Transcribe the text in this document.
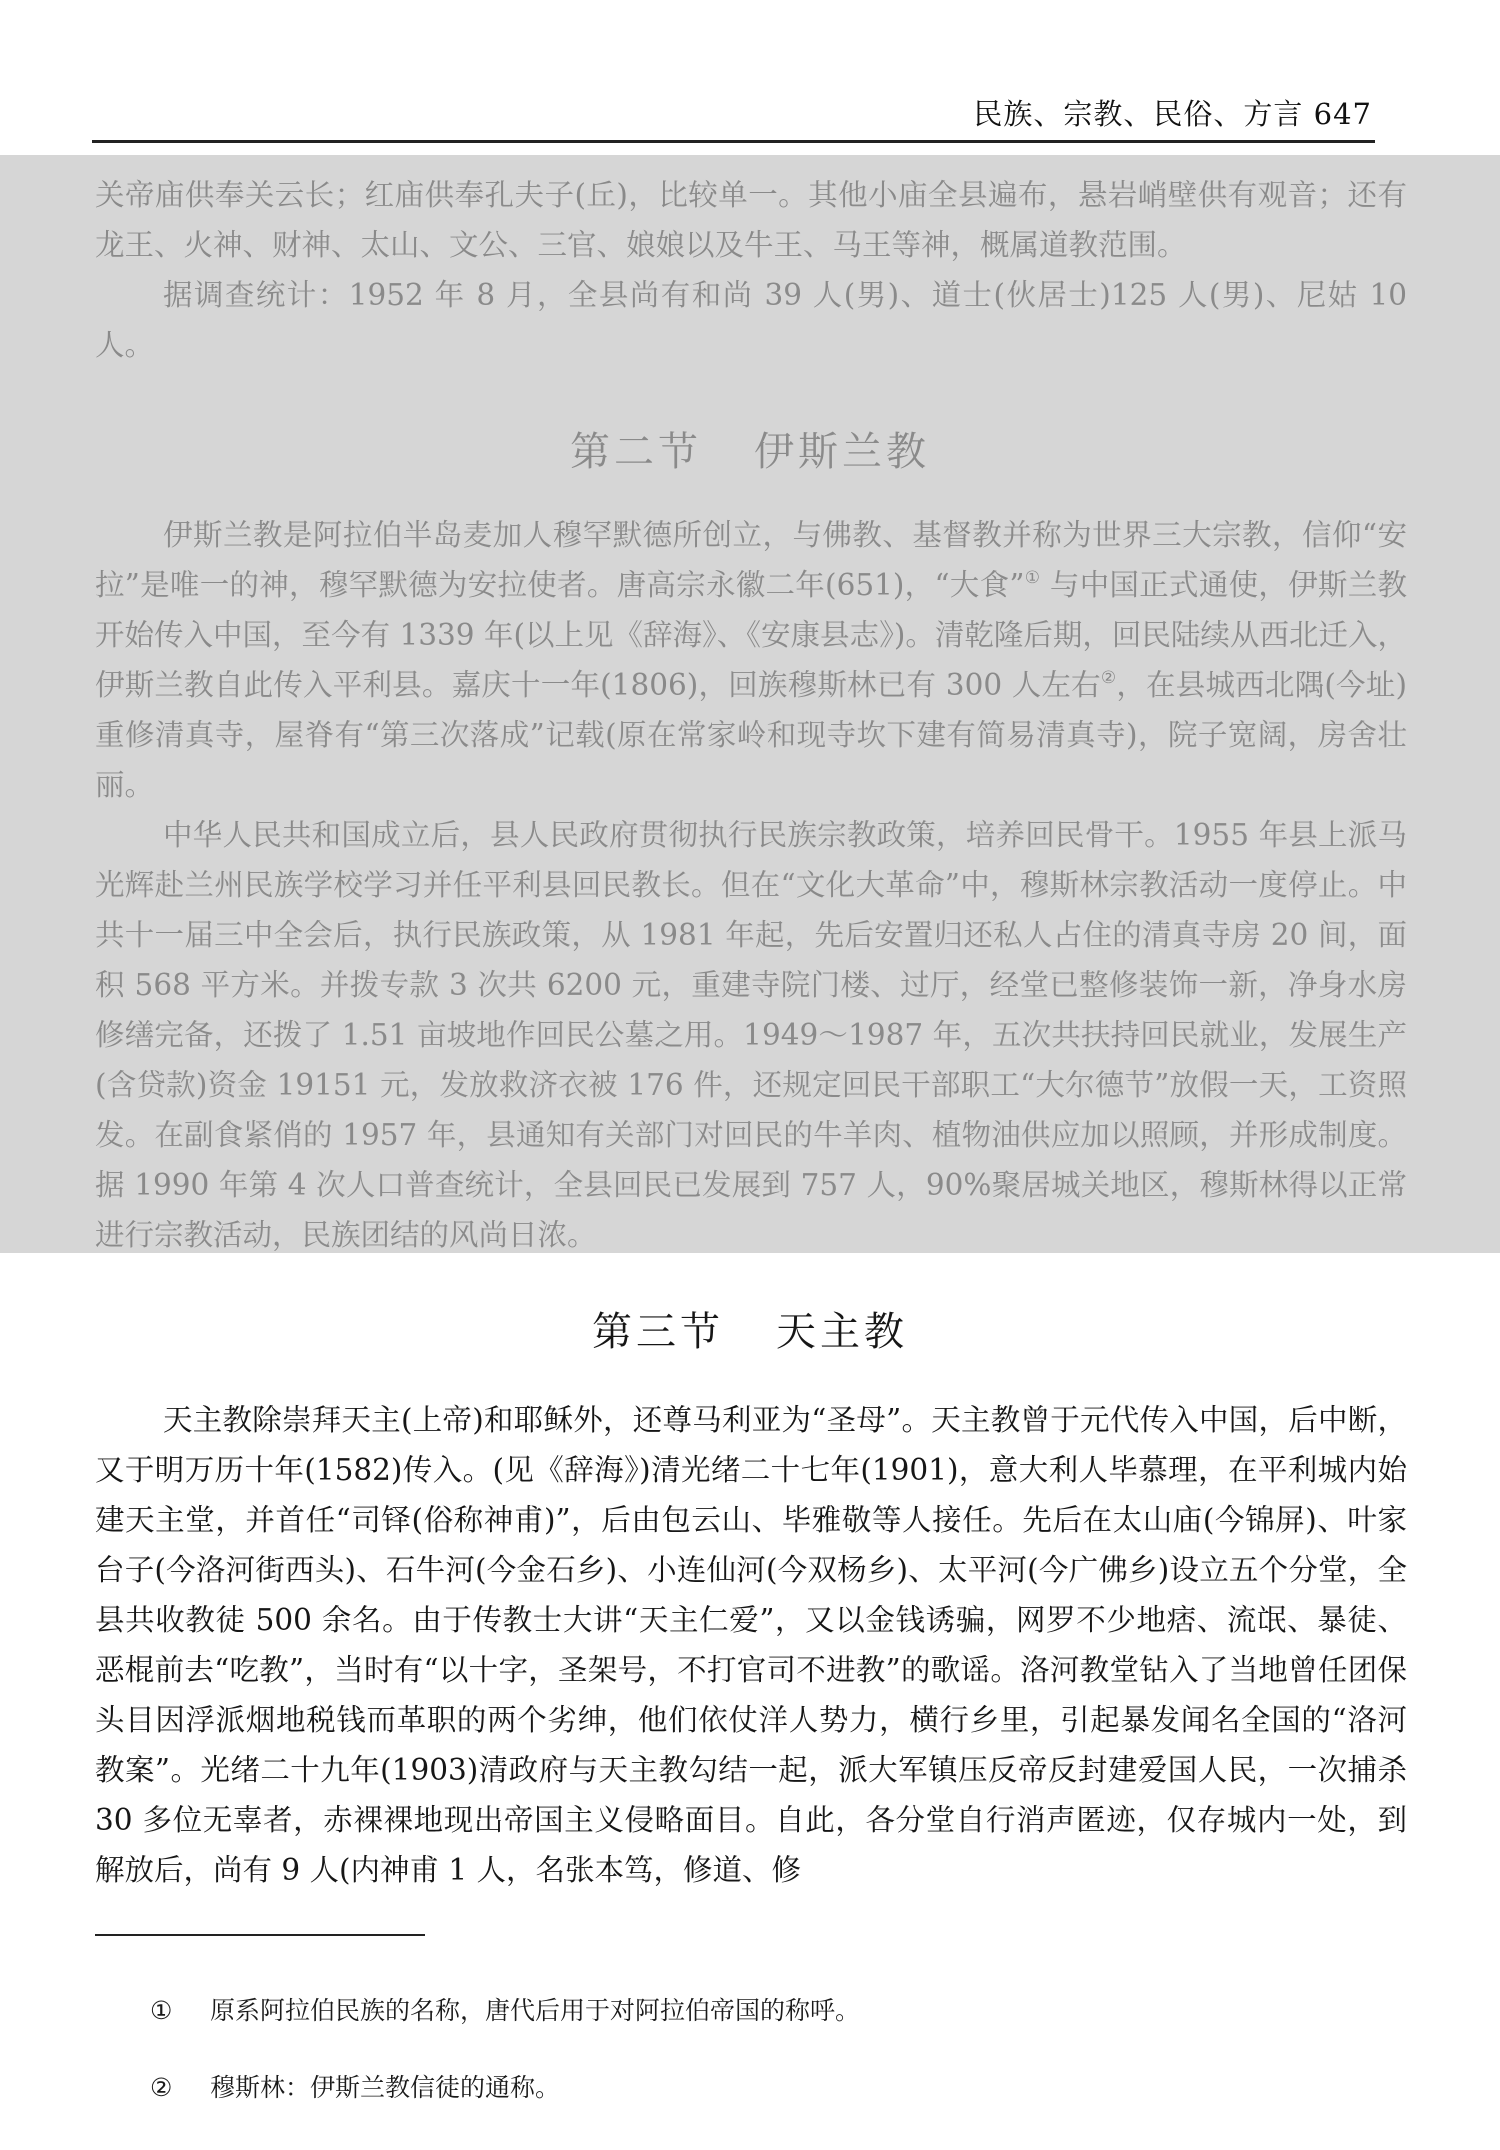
民族、宗教、民俗、方言 647

关帝庙供奉关云长；红庙供奉孔夫子(丘)，比较单一。其他小庙全县遍布，悬岩峭壁供有观音；还有龙王、火神、财神、太山、文公、三官、娘娘以及牛王、马王等神，概属道教范围。

据调查统计：1952 年 8 月，全县尚有和尚 39 人(男)、道士(伙居士)125 人(男)、尼姑 10 人。

第二节 伊斯兰教

伊斯兰教是阿拉伯半岛麦加人穆罕默德所创立，与佛教、基督教并称为世界三大宗教，信仰“安拉”是唯一的神，穆罕默德为安拉使者。唐高宗永徽二年(651)，“大食”① 与中国正式通使，伊斯兰教开始传入中国，至今有 1339 年(以上见《辞海》、《安康县志》)。清乾隆后期，回民陆续从西北迁入，伊斯兰教自此传入平利县。嘉庆十一年(1806)，回族穆斯林已有 300 人左右②，在县城西北隅(今址)重修清真寺，屋脊有“第三次落成”记载(原在常家岭和现寺坎下建有简易清真寺)，院子宽阔，房舍壮丽。

中华人民共和国成立后，县人民政府贯彻执行民族宗教政策，培养回民骨干。1955 年县上派马光辉赴兰州民族学校学习并任平利县回民教长。但在“文化大革命”中，穆斯林宗教活动一度停止。中共十一届三中全会后，执行民族政策，从 1981 年起，先后安置归还私人占住的清真寺房 20 间，面积 568 平方米。并拨专款 3 次共 6200 元，重建寺院门楼、过厅，经堂已整修装饰一新，净身水房修缮完备，还拨了 1.51 亩坡地作回民公墓之用。1949～1987 年，五次共扶持回民就业，发展生产(含贷款)资金 19151 元，发放救济衣被 176 件，还规定回民干部职工“大尔德节”放假一天，工资照发。在副食紧俏的 1957 年，县通知有关部门对回民的牛羊肉、植物油供应加以照顾，并形成制度。据 1990 年第 4 次人口普查统计，全县回民已发展到 757 人，90%聚居城关地区，穆斯林得以正常进行宗教活动，民族团结的风尚日浓。

第三节 天主教

天主教除崇拜天主(上帝)和耶稣外，还尊马利亚为“圣母”。天主教曾于元代传入中国，后中断，又于明万历十年(1582)传入。(见《辞海》)清光绪二十七年(1901)，意大利人毕慕理，在平利城内始建天主堂，并首任“司铎(俗称神甫)”，后由包云山、毕雅敬等人接任。先后在太山庙(今锦屏)、叶家台子(今洛河街西头)、石牛河(今金石乡)、小连仙河(今双杨乡)、太平河(今广佛乡)设立五个分堂，全县共收教徒 500 余名。由于传教士大讲“天主仁爱”，又以金钱诱骗，网罗不少地痞、流氓、暴徒、恶棍前去“吃教”，当时有“以十字，圣架号，不打官司不进教”的歌谣。洛河教堂钻入了当地曾任团保头目因浮派烟地税钱而革职的两个劣绅，他们依仗洋人势力，横行乡里，引起暴发闻名全国的“洛河教案”。光绪二十九年(1903)清政府与天主教勾结一起，派大军镇压反帝反封建爱国人民，一次捕杀 30 多位无辜者，赤裸裸地现出帝国主义侵略面目。自此，各分堂自行消声匿迹，仅存城内一处，到解放后，尚有 9 人(内神甫 1 人，名张本笃，修道、修

① 原系阿拉伯民族的名称，唐代后用于对阿拉伯帝国的称呼。
② 穆斯林：伊斯兰教信徒的通称。
